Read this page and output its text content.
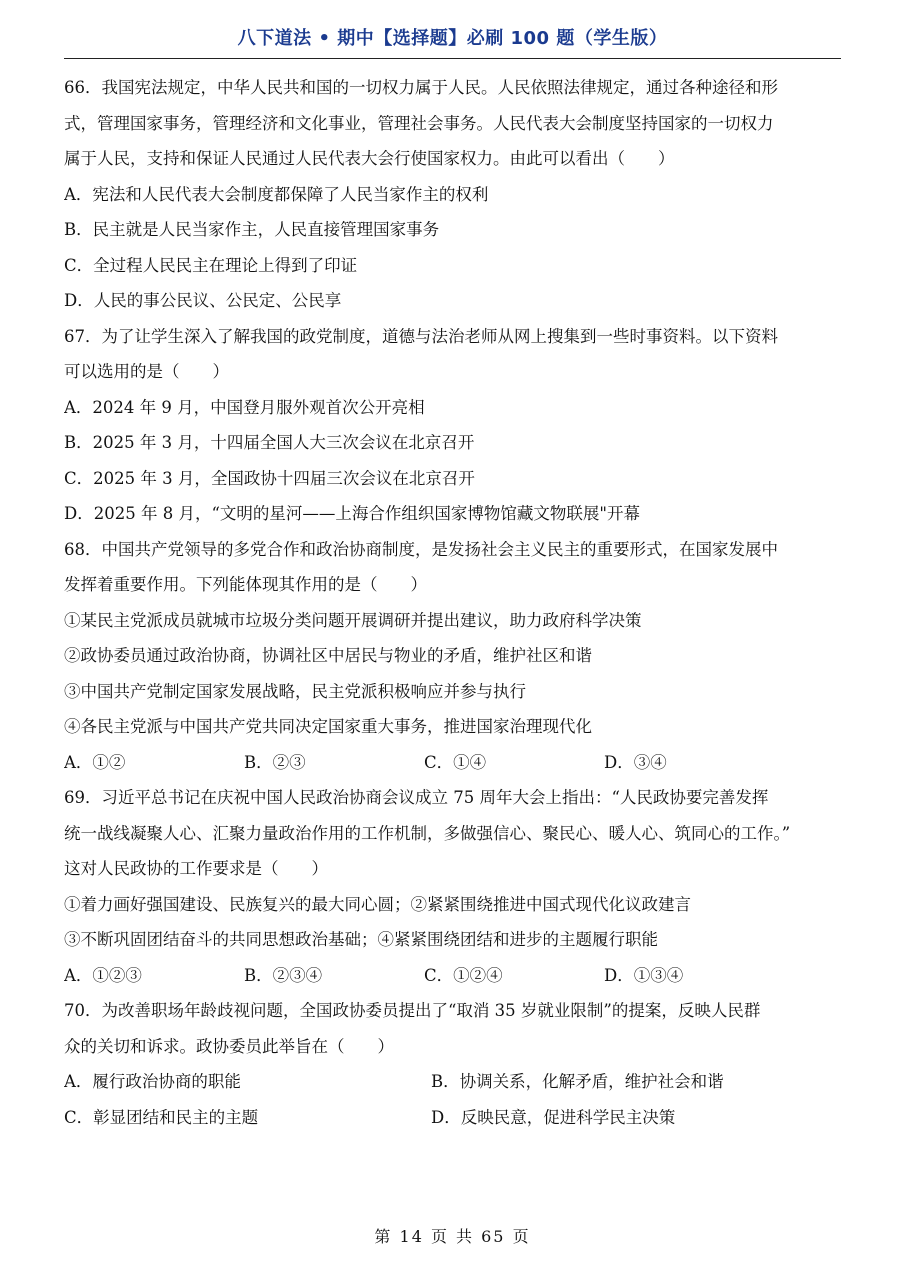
八下道法 • 期中【选择题】必刷 100 题（学生版）
66．我国宪法规定，中华人民共和国的一切权力属于人民。人民依照法律规定，通过各种途径和形
式，管理国家事务，管理经济和文化事业，管理社会事务。人民代表大会制度坚持国家的一切权力
属于人民，支持和保证人民通过人民代表大会行使国家权力。由此可以看出（　　）
A．宪法和人民代表大会制度都保障了人民当家作主的权利
B．民主就是人民当家作主，人民直接管理国家事务
C．全过程人民民主在理论上得到了印证
D．人民的事公民议、公民定、公民享
67．为了让学生深入了解我国的政党制度，道德与法治老师从网上搜集到一些时事资料。以下资料
可以选用的是（　　）
A．2024 年 9 月，中国登月服外观首次公开亮相
B．2025 年 3 月，十四届全国人大三次会议在北京召开
C．2025 年 3 月，全国政协十四届三次会议在北京召开
D．2025 年 8 月，“文明的星河——上海合作组织国家博物馆藏文物联展"开幕
68．中国共产党领导的多党合作和政治协商制度，是发扬社会主义民主的重要形式，在国家发展中
发挥着重要作用。下列能体现其作用的是（　　）
①某民主党派成员就城市垃圾分类问题开展调研并提出建议，助力政府科学决策
②政协委员通过政治协商，协调社区中居民与物业的矛盾，维护社区和谐
③中国共产党制定国家发展战略，民主党派积极响应并参与执行
④各民主党派与中国共产党共同决定国家重大事务，推进国家治理现代化
A．①②	B．②③	C．①④	D．③④
69．习近平总书记在庆祝中国人民政治协商会议成立 75 周年大会上指出：“人民政协要完善发挥
统一战线凝聚人心、汇聚力量政治作用的工作机制，多做强信心、聚民心、暖人心、筑同心的工作。”
这对人民政协的工作要求是（　　）
①着力画好强国建设、民族复兴的最大同心圆；②紧紧围绕推进中国式现代化议政建言
③不断巩固团结奋斗的共同思想政治基础；④紧紧围绕团结和进步的主题履行职能
A．①②③	B．②③④	C．①②④	D．①③④
70．为改善职场年龄歧视问题，全国政协委员提出了“取消 35 岁就业限制”的提案，反映人民群
众的关切和诉求。政协委员此举旨在（　　）
A．履行政治协商的职能	B．协调关系，化解矛盾，维护社会和谐
C．彰显团结和民主的主题	D．反映民意，促进科学民主决策
第 14 页 共 65 页
